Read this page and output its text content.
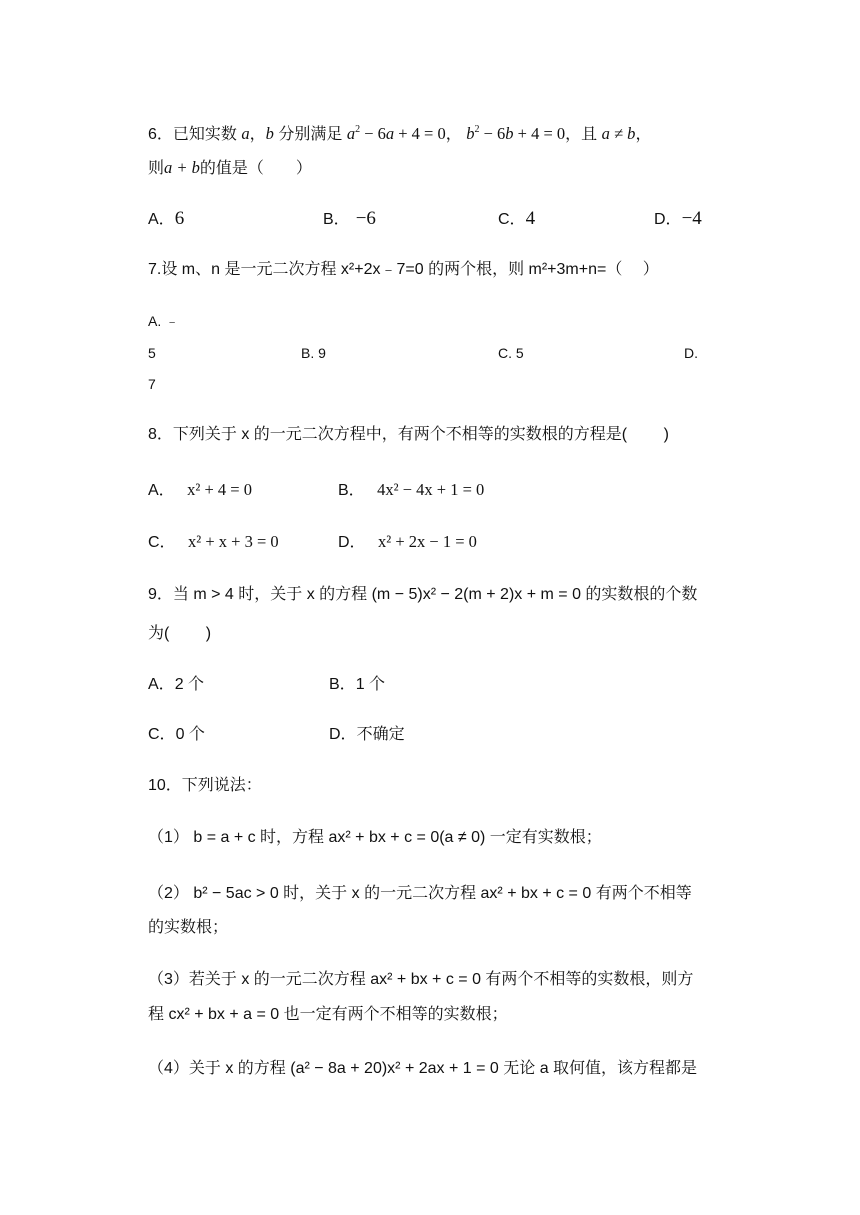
6．已知实数 a，b 分别满足 $a^2 - 6a + 4 = 0$， $b^2 - 6b + 4 = 0$，且 a ≠ b，
则a + b的值是（　　）
A．6	B． −6	C．4	D．−4
7.设 m、n 是一元二次方程 x²+2x﹣7=0 的两个根，则 m²+3m+n=（　 ）
A. ﹣
5	B. 9	C. 5	D.
7
8．下列关于 x 的一元二次方程中，有两个不相等的实数根的方程是(　　 )
A． x² + 4 = 0	B． 4x² − 4x + 1 = 0
C． x² + x + 3 = 0	D． x² + 2x − 1 = 0
9．当 m > 4 时，关于 x 的方程 (m − 5)x² − 2(m + 2)x + m = 0 的实数根的个数
为(　　 )
A．2 个	B．1 个
C．0 个	D．不确定
10．下列说法：
（1） b = a + c 时，方程 ax² + bx + c = 0(a ≠ 0) 一定有实数根；
（2） b² − 5ac > 0 时，关于 x 的一元二次方程 ax² + bx + c = 0 有两个不相等
的实数根；
（3）若关于 x 的一元二次方程 ax² + bx + c = 0 有两个不相等的实数根，则方
程 cx² + bx + a = 0 也一定有两个不相等的实数根；
（4）关于 x 的方程 (a² − 8a + 20)x² + 2ax + 1 = 0 无论 a 取何值，该方程都是
